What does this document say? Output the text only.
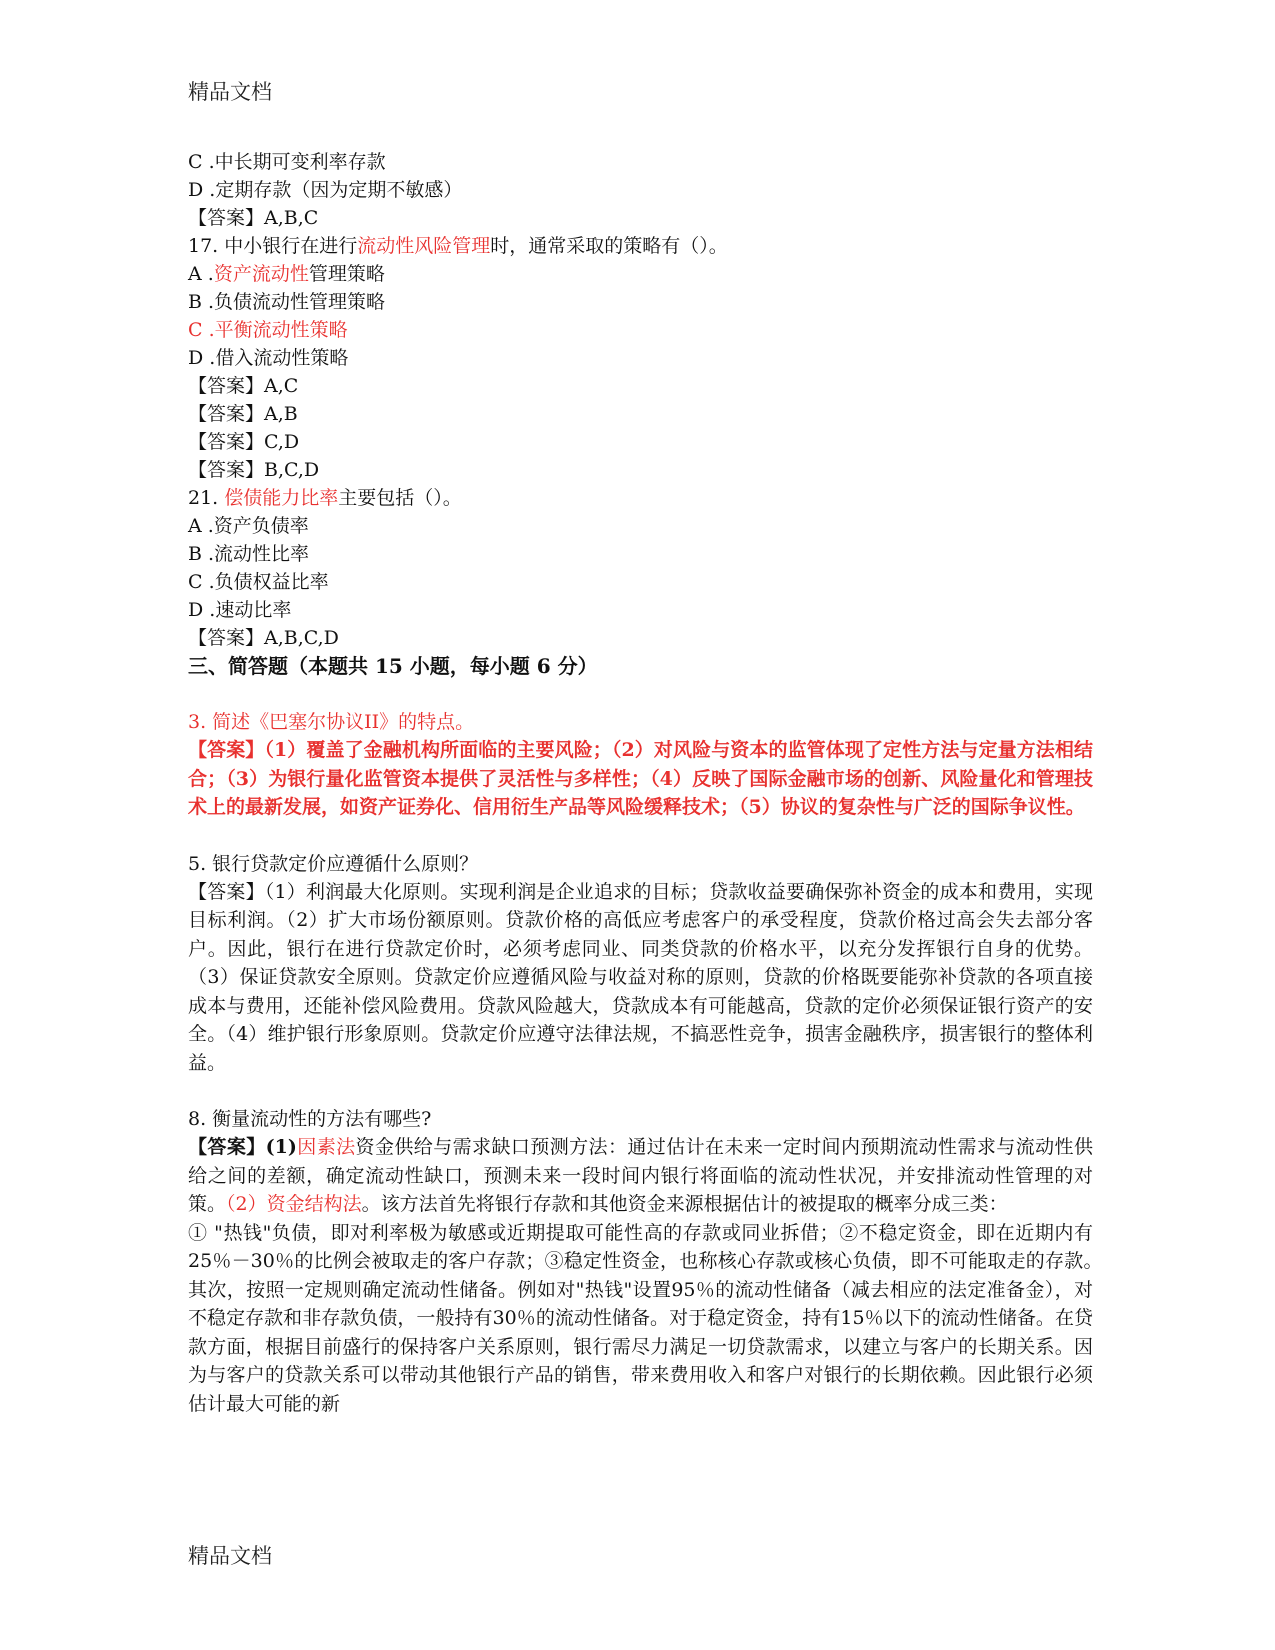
精品文档
C .中长期可变利率存款
D .定期存款（因为定期不敏感）
【答案】A,B,C
17. 中小银行在进行流动性风险管理时，通常采取的策略有（）。
A .资产流动性管理策略
B .负债流动性管理策略
C .平衡流动性策略
D .借入流动性策略
【答案】A,C
【答案】A,B
【答案】C,D
【答案】B,C,D
21. 偿债能力比率主要包括（）。
A .资产负债率
B .流动性比率
C .负债权益比率
D .速动比率
【答案】A,B,C,D
三、简答题（本题共 15 小题，每小题 6 分）
3. 简述《巴塞尔协议II》的特点。
【答案】（1）覆盖了金融机构所面临的主要风险；（2）对风险与资本的监管体现了定性方法与定量方法相结合；（3）为银行量化监管资本提供了灵活性与多样性；（4）反映了国际金融市场的创新、风险量化和管理技术上的最新发展，如资产证券化、信用衍生产品等风险缓释技术；（5）协议的复杂性与广泛的国际争议性。
5. 银行贷款定价应遵循什么原则？
【答案】（1）利润最大化原则。实现利润是企业追求的目标；贷款收益要确保弥补资金的成本和费用，实现目标利润。（2）扩大市场份额原则。贷款价格的高低应考虑客户的承受程度，贷款价格过高会失去部分客户。因此，银行在进行贷款定价时，必须考虑同业、同类贷款的价格水平，以充分发挥银行自身的优势。（3）保证贷款安全原则。贷款定价应遵循风险与收益对称的原则，贷款的价格既要能弥补贷款的各项直接成本与费用，还能补偿风险费用。贷款风险越大，贷款成本有可能越高，贷款的定价必须保证银行资产的安全。（4）维护银行形象原则。贷款定价应遵守法律法规，不搞恶性竞争，损害金融秩序，损害银行的整体利益。
8. 衡量流动性的方法有哪些?
【答案】(1)因素法资金供给与需求缺口预测方法：通过估计在未来一定时间内预期流动性需求与流动性供给之间的差额，确定流动性缺口，预测未来一段时间内银行将面临的流动性状况，并安排流动性管理的对策。（2）资金结构法。该方法首先将银行存款和其他资金来源根据估计的被提取的概率分成三类：
① "热钱"负债，即对利率极为敏感或近期提取可能性高的存款或同业拆借；②不稳定资金，即在近期内有25％－30％的比例会被取走的客户存款；③稳定性资金，也称核心存款或核心负债，即不可能取走的存款。　其次，按照一定规则确定流动性储备。例如对"热钱"设置95％的流动性储备（减去相应的法定准备金），对不稳定存款和非存款负债，一般持有30％的流动性储备。对于稳定资金，持有15％以下的流动性储备。在贷款方面，根据目前盛行的保持客户关系原则，银行需尽力满足一切贷款需求，以建立与客户的长期关系。因为与客户的贷款关系可以带动其他银行产品的销售，带来费用收入和客户对银行的长期依赖。因此银行必须估计最大可能的新
精品文档
